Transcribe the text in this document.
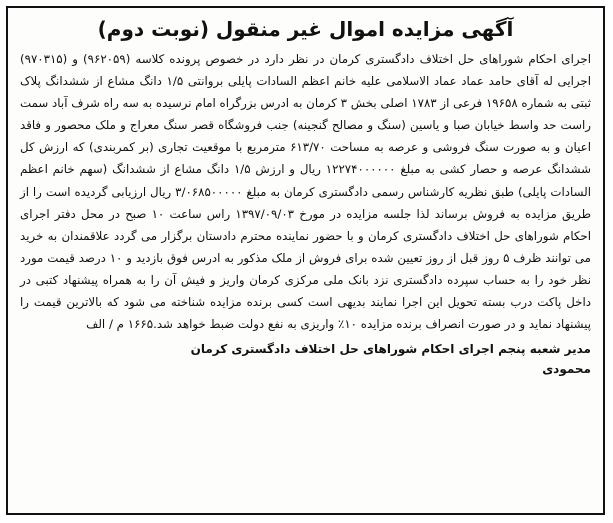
آگهی مزایده اموال غیر منقول (نوبت دوم)

اجرای احکام شوراهای حل اختلاف دادگستری کرمان در نظر دارد در خصوص پرونده کلاسه (۹۶۲۰۵۹) و (۹۷۰۳۱۵) اجرایی له آقای حامد عماد عماد الاسلامی علیه خانم اعظم السادات پایلی بروانتی ۱/۵ دانگ مشاع از ششدانگ پلاک ثبتی به شماره ۱۹۶۵۸ فرعی از ۱۷۸۳ اصلی بخش ۳ کرمان به ادرس بزرگراه امام نرسیده به سه راه شرف آباد سمت راست حد واسط خیابان صبا و یاسین (سنگ و مصالح گنجینه) جنب فروشگاه قصر سنگ معراج و ملک محصور و فاقد اعیان و به صورت سنگ فروشی و عرصه به مساحت ۶۱۳/۷۰ مترمربع با موقعیت تجاری (بر کمربندی) که ارزش کل ششدانگ عرصه و حصار کشی به مبلغ ۱۲۲۷۴۰۰۰۰۰۰ ریال و ارزش ۱/۵ دانگ مشاع از ششدانگ (سهم خانم اعظم السادات پایلی) طبق نظریه کارشناس رسمی دادگستری کرمان به مبلغ ۳/۰۶۸۵۰۰۰۰۰ ریال ارزیابی گردیده است را از طریق مزایده به فروش برساند لذا جلسه مزایده در مورخ ۱۳۹۷/۰۹/۰۳ راس ساعت ۱۰ صبح در محل دفتر اجرای احکام شوراهای حل اختلاف دادگستری کرمان و با حضور نماینده محترم دادستان برگزار می گردد علاقمندان به خرید می توانند ظرف ۵ روز قبل از روز تعیین شده برای فروش از ملک مذکور به ادرس فوق بازدید و ۱۰ درصد قیمت مورد نظر خود را به حساب سپرده دادگستری نزد بانک ملی مرکزی کرمان واریز و فیش آن را به همراه پیشنهاد کتبی در داخل پاکت درب بسته تحویل این اجرا نمایند بدیهی است کسی برنده مزایده شناخته می شود که بالاترین قیمت را پیشنهاد نماید و در صورت انصراف برنده مزایده ۱۰٪ واریزی به نفع دولت ضبط خواهد شد.۱۶۶۵ م / الف

مدیر شعبه پنجم اجرای احکام شوراهای حل اختلاف دادگستری کرمان
محمودی
